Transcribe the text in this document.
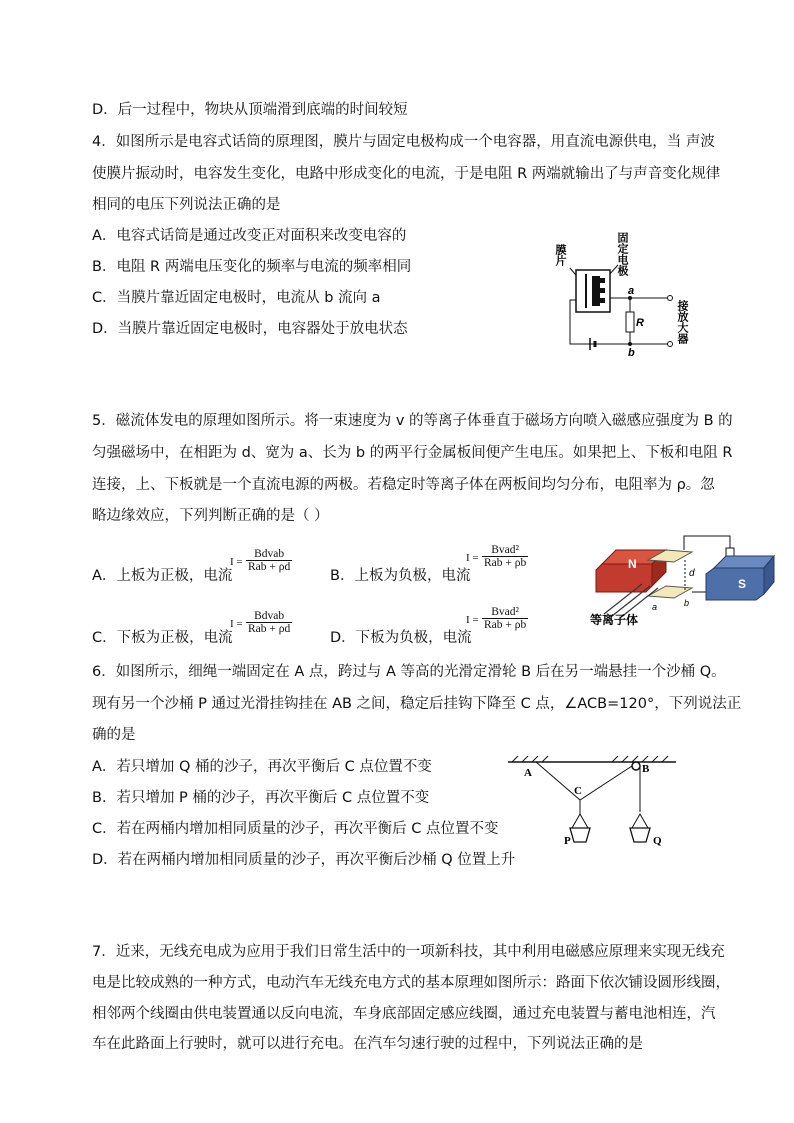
D．后一过程中，物块从顶端滑到底端的时间较短
4．如图所示是电容式话筒的原理图，膜片与固定电极构成一个电容器，用直流电源供电，当 声波
使膜片振动时，电容发生变化，电路中形成变化的电流，于是电阻 R 两端就输出了与声音变化规律
相同的电压下列说法正确的是
A．电容式话筒是通过改变正对面积来改变电容的
B．电阻 R 两端电压变化的频率与电流的频率相同
C．当膜片靠近固定电极时，电流从 b 流向 a
D．当膜片靠近固定电极时，电容器处于放电状态
膜片	固定电极
a
b
R	接放大器
5．磁流体发电的原理如图所示。将一束速度为 v 的等离子体垂直于磁场方向喷入磁感应强度为 B 的
匀强磁场中，在相距为 d、宽为 a、长为 b 的两平行金属板间便产生电压。如果把上、下板和电阻 R
连接，上、下板就是一个直流电源的两极。若稳定时等离子体在两板间均匀分布，电阻率为 ρ。忽
略边缘效应，下列判断正确的是（ ）
A．上板为正极，电流
I =
Bdvab
Rab + ρd
B．上板为负极，电流
I =
Bvad²
Rab + ρb
C．下板为正极，电流
I =
Bdvab
Rab + ρd
D．下板为负极，电流
I =
Bvad²
Rab + ρb
N
d
a	b
等离子体
S
6．如图所示，细绳一端固定在 A 点，跨过与 A 等高的光滑定滑轮 B 后在另一端悬挂一个沙桶 Q。
现有另一个沙桶 P 通过光滑挂钩挂在 AB 之间，稳定后挂钩下降至 C 点，∠ACB=120°，下列说法正
确的是
A．若只增加 Q 桶的沙子，再次平衡后 C 点位置不变
B．若只增加 P 桶的沙子，再次平衡后 C 点位置不变
C．若在两桶内增加相同质量的沙子，再次平衡后 C 点位置不变
D．若在两桶内增加相同质量的沙子，再次平衡后沙桶 Q 位置上升
A	B
C
P	Q
7．近来，无线充电成为应用于我们日常生活中的一项新科技，其中利用电磁感应原理来实现无线充
电是比较成熟的一种方式，电动汽车无线充电方式的基本原理如图所示：路面下依次铺设圆形线圈，
相邻两个线圈由供电装置通以反向电流，车身底部固定感应线圈，通过充电装置与蓄电池相连，汽
车在此路面上行驶时，就可以进行充电。在汽车匀速行驶的过程中，下列说法正确的是
